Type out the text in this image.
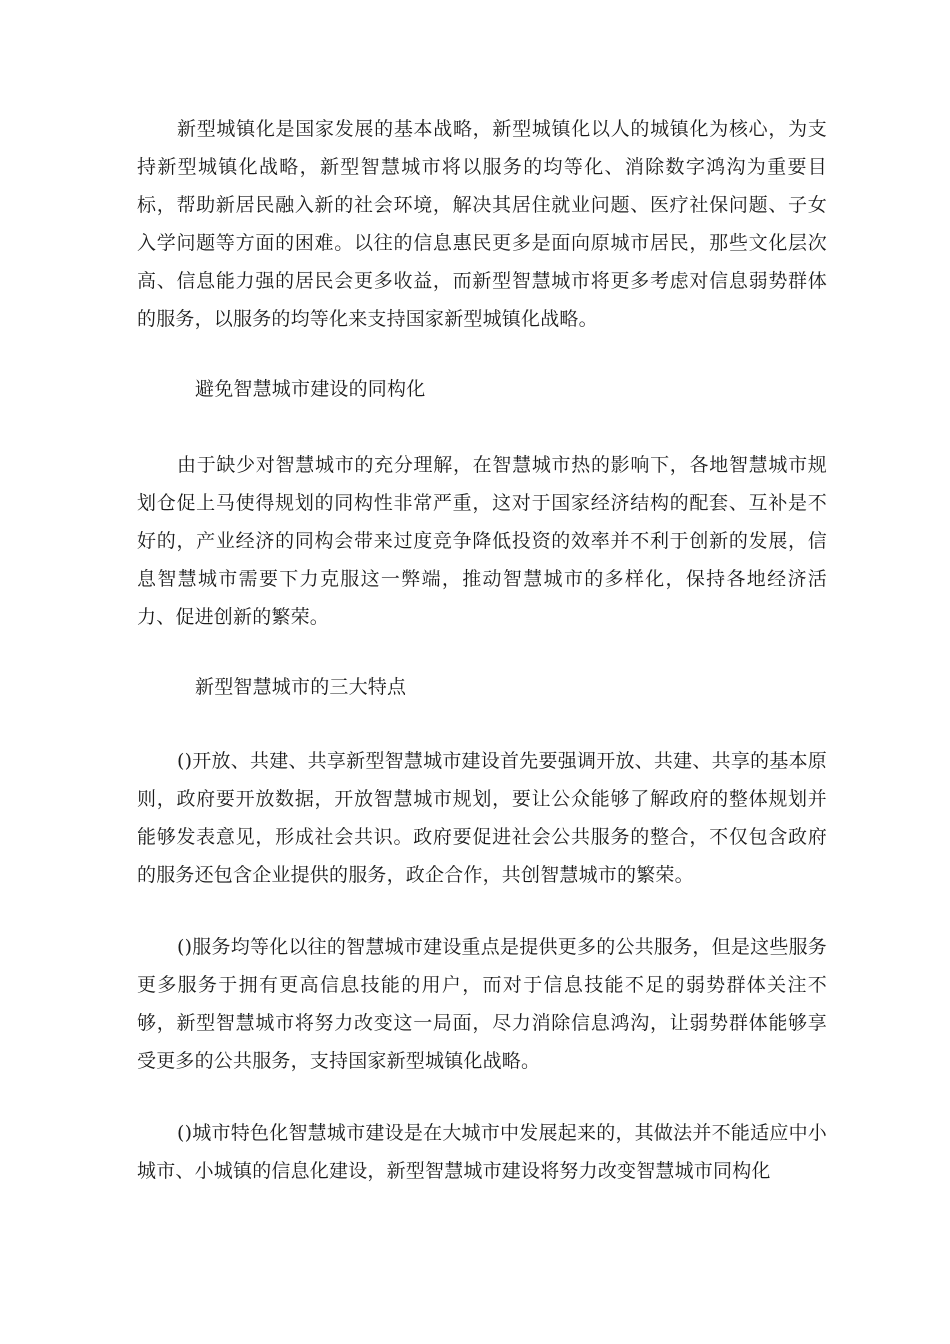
新型城镇化是国家发展的基本战略，新型城镇化以人的城镇化为核心，为支持新型城镇化战略，新型智慧城市将以服务的均等化、消除数字鸿沟为重要目标，帮助新居民融入新的社会环境，解决其居住就业问题、医疗社保问题、子女入学问题等方面的困难。以往的信息惠民更多是面向原城市居民，那些文化层次高、信息能力强的居民会更多收益，而新型智慧城市将更多考虑对信息弱势群体的服务，以服务的均等化来支持国家新型城镇化战略。

避免智慧城市建设的同构化

由于缺少对智慧城市的充分理解，在智慧城市热的影响下，各地智慧城市规划仓促上马使得规划的同构性非常严重，这对于国家经济结构的配套、互补是不好的，产业经济的同构会带来过度竞争降低投资的效率并不利于创新的发展，信息智慧城市需要下力克服这一弊端，推动智慧城市的多样化，保持各地经济活力、促进创新的繁荣。

新型智慧城市的三大特点

()开放、共建、共享新型智慧城市建设首先要强调开放、共建、共享的基本原则，政府要开放数据，开放智慧城市规划，要让公众能够了解政府的整体规划并能够发表意见，形成社会共识。政府要促进社会公共服务的整合，不仅包含政府的服务还包含企业提供的服务，政企合作，共创智慧城市的繁荣。

()服务均等化以往的智慧城市建设重点是提供更多的公共服务，但是这些服务更多服务于拥有更高信息技能的用户，而对于信息技能不足的弱势群体关注不够，新型智慧城市将努力改变这一局面，尽力消除信息鸿沟，让弱势群体能够享受更多的公共服务，支持国家新型城镇化战略。

()城市特色化智慧城市建设是在大城市中发展起来的，其做法并不能适应中小城市、小城镇的信息化建设，新型智慧城市建设将努力改变智慧城市同构化
